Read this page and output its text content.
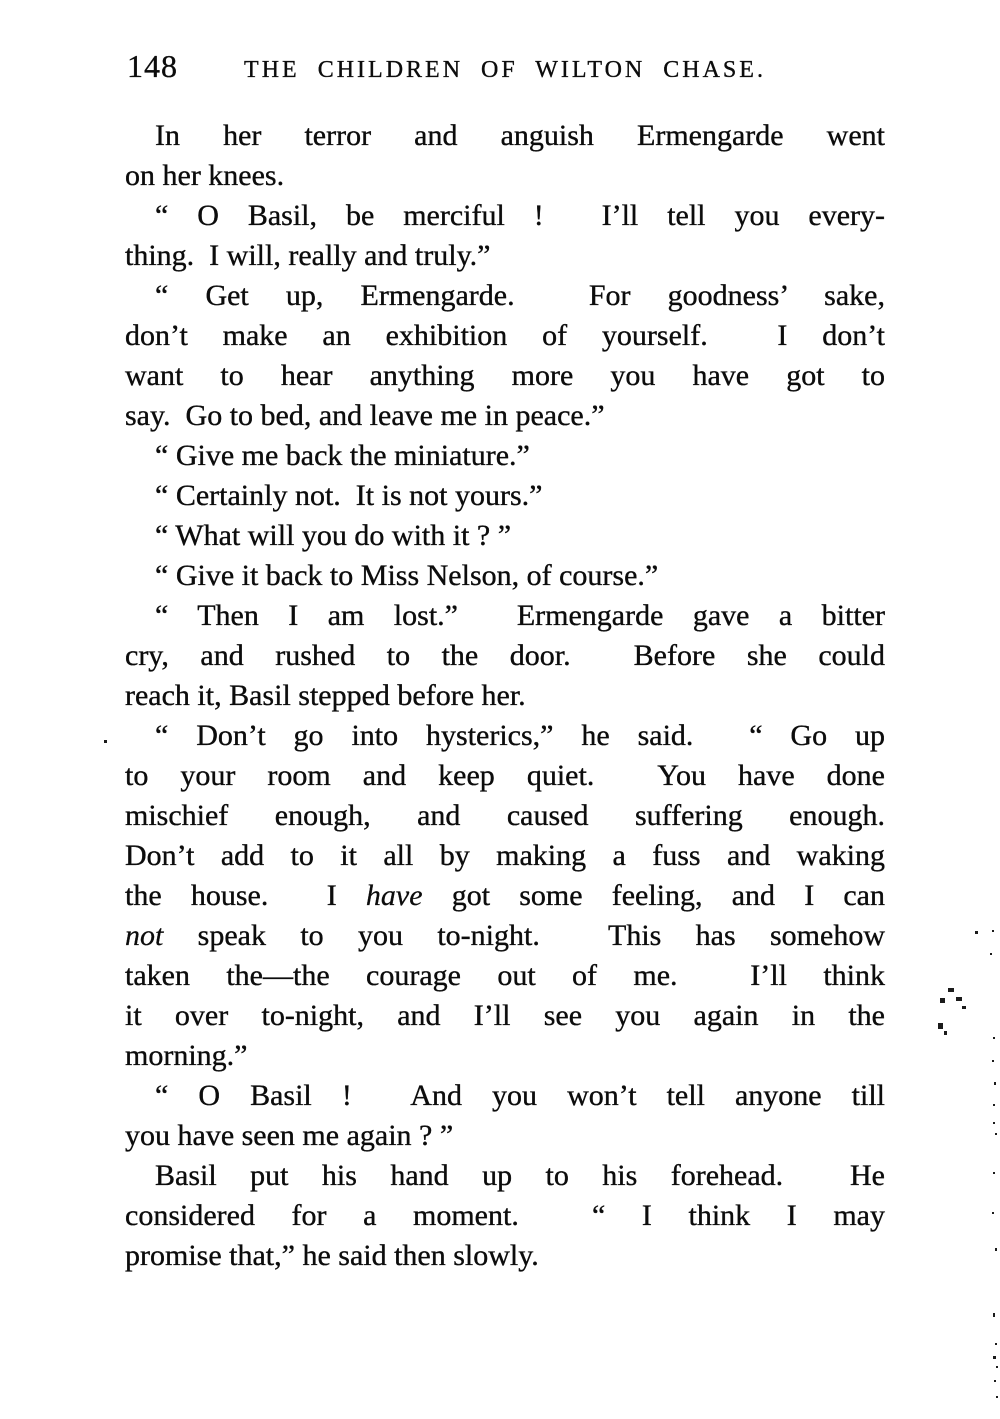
148	THE CHILDREN OF WILTON CHASE.
In her terror and anguish Ermengarde went
on her knees.
“ O Basil, be merciful !  I’ll tell you every-
thing.  I will, really and truly.”
“ Get up, Ermengarde.  For goodness’ sake,
don’t make an exhibition of yourself.  I don’t
want to hear anything more you have got to
say.  Go to bed, and leave me in peace.”
“ Give me back the miniature.”
“ Certainly not.  It is not yours.”
“ What will you do with it ? ”
“ Give it back to Miss Nelson, of course.”
“ Then I am lost.”  Ermengarde gave a bitter
cry, and rushed to the door.  Before she could
reach it, Basil stepped before her.
“ Don’t go into hysterics,” he said.  “ Go up
to your room and keep quiet.  You have done
mischief enough, and caused suffering enough.
Don’t add to it all by making a fuss and waking
the house.  I have got some feeling, and I can
not speak to you to-night.  This has somehow
taken the—the courage out of me.  I’ll think
it over to-night, and I’ll see you again in the
morning.”
“ O Basil !  And you won’t tell anyone till
you have seen me again ? ”
Basil put his hand up to his forehead.  He
considered for a moment.  “ I think I may
promise that,” he said then slowly.
